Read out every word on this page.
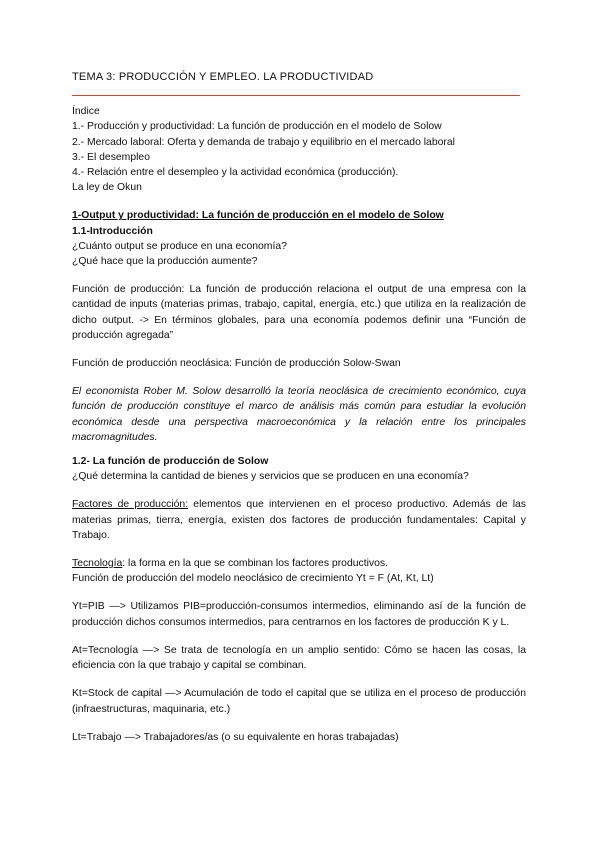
TEMA 3: PRODUCCIÓN Y EMPLEO. LA PRODUCTIVIDAD

Índice

1.- Producción y productividad: La función de producción en el modelo de Solow

2.- Mercado laboral: Oferta y demanda de trabajo y equilibrio en el mercado laboral

3.- El desempleo

4.- Relación entre el desempleo y la actividad económica (producción).

La ley de Okun

1-Output y productividad: La función de producción en el modelo de Solow

1.1-Introducción

¿Cuánto output se produce en una economía?

¿Qué hace que la producción aumente?

Función de producción: La función de producción relaciona el output de una empresa con la cantidad de inputs (materias primas, trabajo, capital, energía, etc.) que utiliza en la realización de dicho output. -> En términos globales, para una economía podemos definir una “Función de producción agregada”

Función de producción neoclásica: Función de producción Solow-Swan

El economista Rober M. Solow desarrolló la teoría neoclásica de crecimiento económico, cuya función de producción constituye el marco de análisis más común para estudiar la evolución económica desde una perspectiva macroeconómica y la relación entre los principales macromagnitudes.

1.2- La función de producción de Solow

¿Qué determina la cantidad de bienes y servicios que se producen en una economía?

Factores de producción: elementos que intervienen en el proceso productivo. Además de las materias primas, tierra, energía, existen dos factores de producción fundamentales: Capital y Trabajo.

Tecnología: la forma en la que se combinan los factores productivos.

Función de producción del modelo neoclásico de crecimiento Yt = F (At, Kt, Lt)

Yt=PIB —> Utilizamos PIB=producción-consumos intermedios, eliminando así de la función de producción dichos consumos intermedios, para centrarnos en los factores de producción K y L.

At=Tecnología —> Se trata de tecnología en un amplio sentido: Cómo se hacen las cosas, la eficiencia con la que trabajo y capital se combinan.

Kt=Stock de capital —> Acumulación de todo el capital que se utiliza en el proceso de producción (infraestructuras, maquinaria, etc.)

Lt=Trabajo —> Trabajadores/as (o su equivalente en horas trabajadas)
